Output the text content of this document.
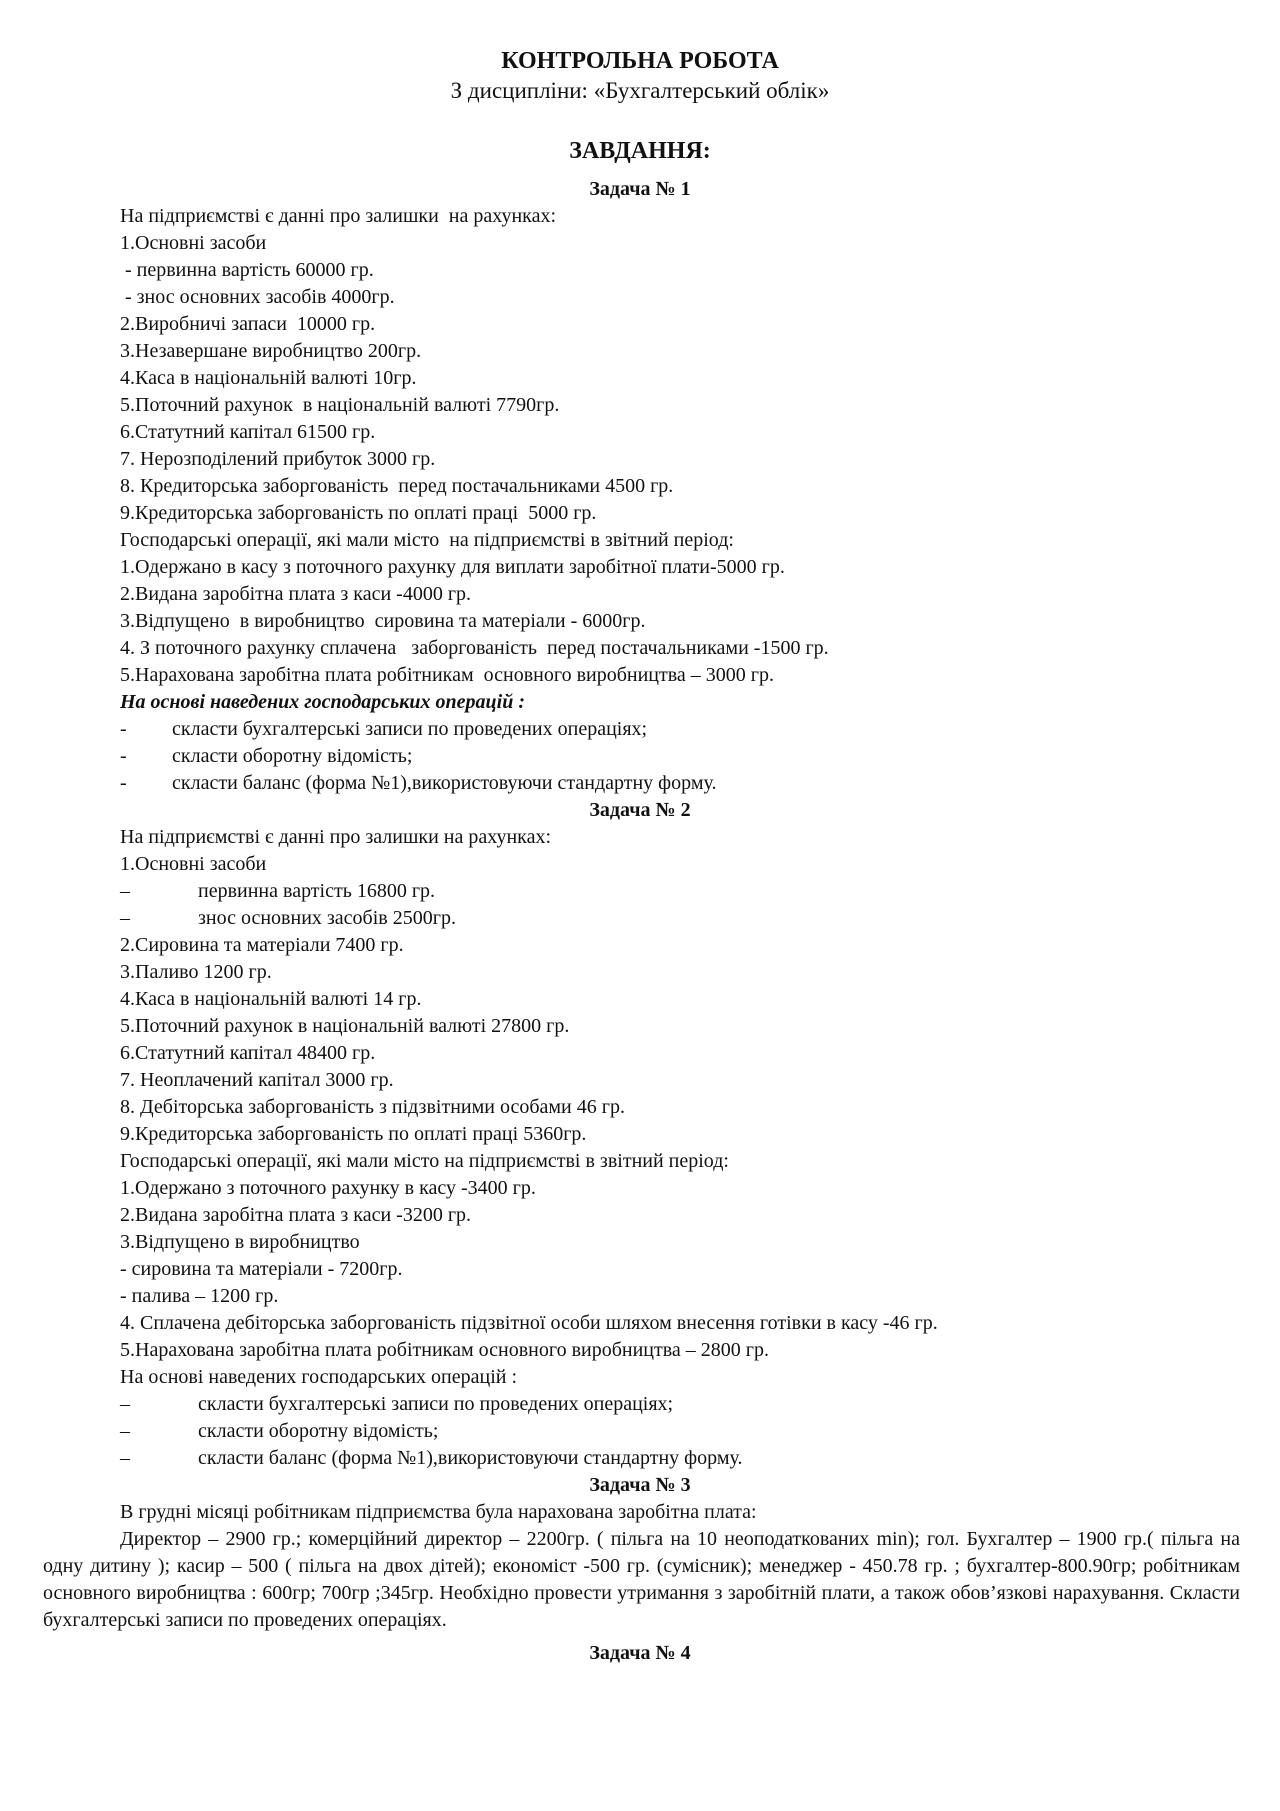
КОНТРОЛЬНА РОБОТА
З дисципліни: «Бухгалтерський облік»
ЗАВДАННЯ:
Задача № 1
На підприємстві є данні про залишки  на рахунках:
1.Основні засоби
- первинна вартість 60000 гр.
- знос основних засобів 4000гр.
2.Виробничі запаси  10000 гр.
3.Незавершане виробництво 200гр.
4.Каса в національній валюті 10гр.
5.Поточний рахунок  в національній валюті 7790гр.
6.Статутний капітал 61500 гр.
7. Нерозподілений прибуток 3000 гр.
8. Кредиторська заборгованість  перед постачальниками 4500 гр.
9.Кредиторська заборгованість по оплаті праці  5000 гр.
Господарські операції, які мали місто  на підприємстві в звітний період:
1.Одержано в касу з поточного рахунку для виплати заробітної плати-5000 гр.
2.Видана заробітна плата з каси -4000 гр.
3.Відпущено  в виробництво  сировина та матеріали - 6000гр.
4. З поточного рахунку сплачена   заборгованість  перед постачальниками -1500 гр.
5.Нарахована заробітна плата робітникам  основного виробництва – 3000 гр.
На основі наведених господарських операцій :
-	скласти бухгалтерські записи по проведених операціях;
-	скласти оборотну відомість;
-	скласти баланс (форма №1),використовуючи стандартну форму.
Задача № 2
На підприємстві є данні про залишки на рахунках:
1.Основні засоби
–	первинна вартість 16800 гр.
–	знос основних засобів 2500гр.
2.Сировина та матеріали 7400 гр.
3.Паливо 1200 гр.
4.Каса в національній валюті 14 гр.
5.Поточний рахунок в національній валюті 27800 гр.
6.Статутний капітал 48400 гр.
7. Неоплачений капітал 3000 гр.
8. Дебіторська заборгованість з підзвітними особами 46 гр.
9.Кредиторська заборгованість по оплаті праці 5360гр.
Господарські операції, які мали місто на підприємстві в звітний період:
1.Одержано з поточного рахунку в касу -3400 гр.
2.Видана заробітна плата з каси -3200 гр.
3.Відпущено в виробництво
- сировина та матеріали - 7200гр.
- палива – 1200 гр.
4. Сплачена дебіторська заборгованість підзвітної особи шляхом внесення готівки в касу -46 гр.
5.Нарахована заробітна плата робітникам основного виробництва – 2800 гр.
На основі наведених господарських операцій :
–	скласти бухгалтерські записи по проведених операціях;
–	скласти оборотну відомість;
–	скласти баланс (форма №1),використовуючи стандартну форму.
Задача № 3
В грудні місяці робітникам підприємства була нарахована заробітна плата:
Директор – 2900 гр.; комерційний директор – 2200гр. ( пільга на 10 неоподаткованих min); гол. Бухгалтер – 1900 гр.( пільга на одну дитину ); касир – 500 ( пільга на двох дітей); економіст -500 гр. (сумісник); менеджер - 450.78 гр. ; бухгалтер-800.90гр; робітникам основного виробництва : 600гр; 700гр ;345гр. Необхідно провести утримання з заробітній плати, а також обов’язкові нарахування. Скласти бухгалтерські записи по проведених операціях.
Задача № 4
